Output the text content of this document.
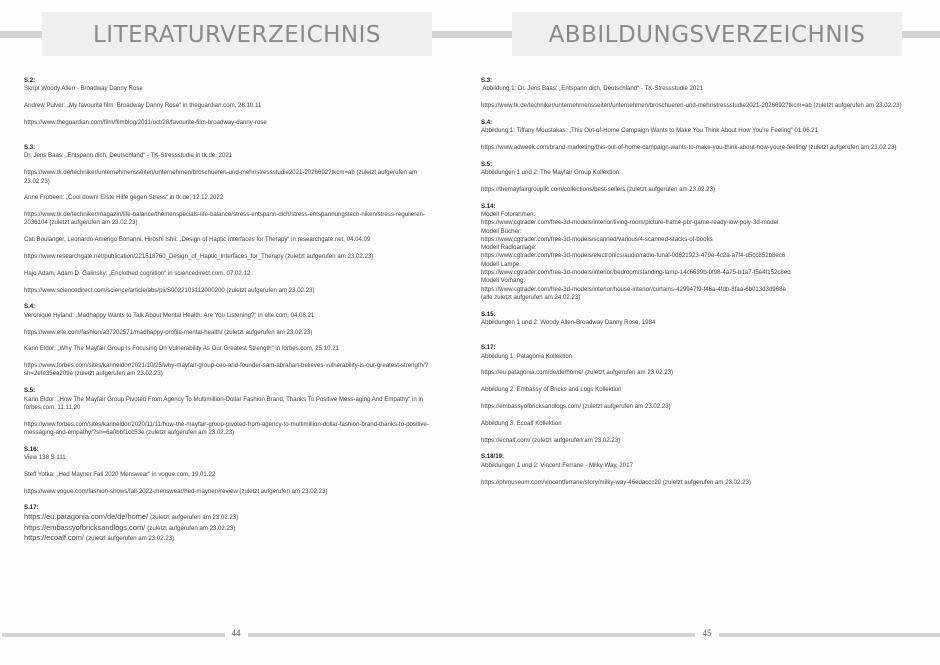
LITERATURVERZEICHNIS
S.2:
Skript Woody Allen - Broadway Danny Rose
Andrew Pulver: „My favourite film: Broadway Danny Rose“ in theguardian.com, 28.10.11
https://www.theguardian.com/film/filmblog/2011/oct/28/favourite-film-broadway-danny-rose
S.3:
Dr. Jens Baas: „Entspann dich, Deutschland“ - TK-Stressstudie in tk.de, 2021
https://www.tk.de/techniker/unternehmensseiten/unternehmen/broschueren-und-mehr/stressstudie2021-2026692?tkcm=ab (zuletzt aufgerufen am 23.02.23)
Anne Frobeen: „Cool down! Erste Hilfe gegen Stress“ in tk.de, 12.12.2022
https://www.tk.de/techniker/magazin/life-balance/themenspecials-life-balance/stress-entspann-dich/stress-entspannungstech-niken/stress-regulieren-2036104 (zuletzt aufgerufen am 23.02.23)
Cati Boulanger, Leonardo Amerigo Bonanni, Hiroshi Ishii: „Design of Haptic Interfaces for Therapy“ in researchgate.net, 04.04.09
https://www.researchgate.net/publication/221518760_Design_of_Haptic_Interfaces_for_Therapy (zuletzt aufgerufen am 23.02.23)
Hajo Adam, Adam D. Galinsky: „Enclothed cognition“ in sciencedirect.com, 07.02.12
https://www.sciencedirect.com/science/article/abs/pii/S0022103112000200 (zuletzt aufgerufen am 23.02.23)
S.4:
Veronique Hyland: „Madhappy Wants to Talk About Mental Health. Are You Listening?“ in elle.com, 04.08.21
https://www.elle.com/fashion/a37202571/madhappy-profile-mental-health/ (zuletzt aufgerufen am 23.02.23)
Karin Eldor: „Why The Mayfair Group Is Focusing On Vulnerability As Our Greatest Strength“ in forbes.com, 25.10.21
https://www.forbes.com/sites/karineldor/2021/10/25/why-mayfair-group-ceo-and-founder-sam-abrahart-believes-vulnerability-is-our-greatest-strength/?sh=2efe35ea209e (zuletzt aufgerufen am 23.02.23)
S.5:
Karin Eldor: „How The Mayfair Group Pivoted From Agency To Multimillion-Dollar Fashion Brand, Thanks To Positive Mess-aging And Empathy“ in in forbes.com, 11.11.20
https://www.forbes.com/sites/karineldor/2020/11/11/how-the-mayfair-group-pivoted-from-agency-to-multimillion-dollar-fashion-brand-thanks-to-positive-messaging-and-empathy/?sh=6a0bbf1cc53e (zuletzt aufgerufen am 23.02.23)
S.16:
View 138 S.111
Steff Yotka: „Hed Mayner Fall 2020 Menswear“ in vogue.com, 19.01.22
https://www.vogue.com/fashion-shows/fall-2022-menswear/hed-mayner#review (zuletzt aufgerufen am 23.02.23)
S.17:
https://eu.patagonia.com/de/de/home/ (zuletzt aufgerufen am 23.02.23)
https://embassyofbricksandlogs.com/ (zuletzt aufgerufen am 23.02.23)
https://ecoalf.com/ (zuletzt aufgerufen am 23.02.23)
44
ABBILDUNGSVERZEICHNIS
S.3:
Abbildung 1: Dr. Jens Baas: „Entspann dich, Deutschland“ - TK-Stressstudie 2021
https://www.tk.de/techniker/unternehmensseiten/unternehmen/broschueren-und-mehr/stressstudie2021-2026692?tkcm=ab (zuletzt aufgerufen am 23.02.23)
S.4:
Abbildung 1: Tiffany Moustakas: „This Out-of-Home Campaign Wants to Make You Think About How You're Feeling“ 01.06.21
https://www.adweek.com/brand-marketing/this-out-of-home-campaign-wants-to-make-you-think-about-how-youre-feeling/ (zuletzt aufgerufen am 23.02.23)
S.5:
Abbildungen 1 und 2: The Mayfair Group Kollektion
https://themayfairgroupllc.com/collections/best-sellers (zuletzt aufgerufen am 23.02.23)
S.14:
Modell Fotorahmen:
https://www.cgtrader.com/free-3d-models/interior/living-room/picture-frame-pbr-game-ready-low-poly-3d-model
Modell Bücher:
https://www.cgtrader.com/free-3d-models/scanned/various/4-scanned-stacks-of-books
Modell Radioanlage:
https://www.cgtrader.com/free-3d-models/electronics/audio/radio-funal-0d621923-479e-4c2a-a7f4-d5cc852b8ec6
Modell Lampe:
https://www.cgtrader.com/free-3d-models/interior/bedroom/standing-lamp-14c6639b-0f98-4a75-b1a7-f5e4f152c8ed
Modell Vorhang:
https://www.cgtrader.com/free-3d-models/interior/house-interior/curtains-429947f9-f46a-4fdb-8faa-6b013d3d968e
(alle zuletzt aufgerufen am 24.02.23)
S.15:
Abbildungen 1 und 2: Woody Allen-Broadway Danny Rose, 1984
S.17:
Abbildung 1: Patagonia Kollektion
https://eu.patagonia.com/de/de/home/ (zuletzt aufgerufen am 23.02.23)
Abbildung 2: Embassy of Bricks and Logs Kollektion
https://embassyofbricksandlogs.com/ (zuletzt aufgerufen am 23.02.23)
Abbildung 3: Ecoalf Kollektion
https://ecoalf.com/ (zuletzt aufgerufen am 23.02.23)
S.18/19:
Abbildungen 1 und 2: Vincent Ferrane - Milky Way, 2017
https://phmuseum.com/vincentferrane/story/milky-way-46edaccc20 (zuletzt aufgerufen am 23.02.23)
45
